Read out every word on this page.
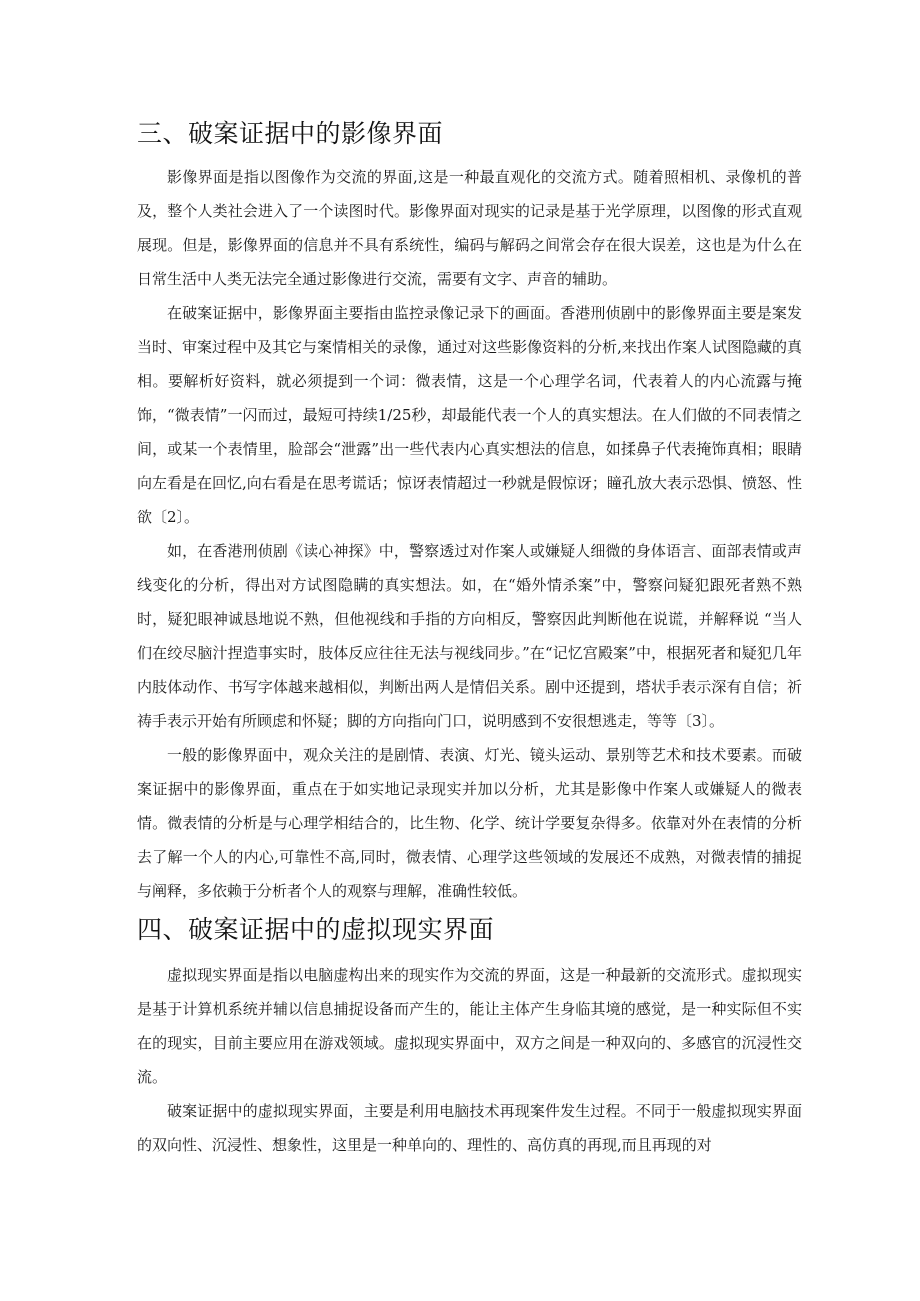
三、破案证据中的影像界面

影像界面是指以图像作为交流的界面,这是一种最直观化的交流方式。随着照相机、录像机的普及，整个人类社会进入了一个读图时代。影像界面对现实的记录是基于光学原理，以图像的形式直观展现。但是，影像界面的信息并不具有系统性，编码与解码之间常会存在很大误差，这也是为什么在日常生活中人类无法完全通过影像进行交流，需要有文字、声音的辅助。

在破案证据中，影像界面主要指由监控录像记录下的画面。香港刑侦剧中的影像界面主要是案发当时、审案过程中及其它与案情相关的录像，通过对这些影像资料的分析,来找出作案人试图隐藏的真相。要解析好资料，就必须提到一个词：微表情，这是一个心理学名词，代表着人的内心流露与掩饰，“微表情”一闪而过，最短可持续1/25秒，却最能代表一个人的真实想法。在人们做的不同表情之间，或某一个表情里，脸部会“泄露”出一些代表内心真实想法的信息，如揉鼻子代表掩饰真相；眼睛向左看是在回忆,向右看是在思考谎话；惊讶表情超过一秒就是假惊讶；瞳孔放大表示恐惧、愤怒、性欲〔2〕。

如，在香港刑侦剧《读心神探》中，警察透过对作案人或嫌疑人细微的身体语言、面部表情或声线变化的分析，得出对方试图隐瞒的真实想法。如，在“婚外情杀案”中，警察问疑犯跟死者熟不熟时，疑犯眼神诚恳地说不熟，但他视线和手指的方向相反，警察因此判断他在说谎，并解释说 “当人们在绞尽脑汁捏造事实时，肢体反应往往无法与视线同步。”在“记忆宫殿案”中，根据死者和疑犯几年内肢体动作、书写字体越来越相似，判断出两人是情侣关系。剧中还提到，塔状手表示深有自信；祈祷手表示开始有所顾虑和怀疑；脚的方向指向门口，说明感到不安很想逃走，等等〔3〕。

一般的影像界面中，观众关注的是剧情、表演、灯光、镜头运动、景别等艺术和技术要素。而破案证据中的影像界面，重点在于如实地记录现实并加以分析，尤其是影像中作案人或嫌疑人的微表情。微表情的分析是与心理学相结合的，比生物、化学、统计学要复杂得多。依靠对外在表情的分析去了解一个人的内心,可靠性不高,同时，微表情、心理学这些领域的发展还不成熟，对微表情的捕捉与阐释，多依赖于分析者个人的观察与理解，准确性较低。

四、破案证据中的虚拟现实界面

虚拟现实界面是指以电脑虚构出来的现实作为交流的界面，这是一种最新的交流形式。虚拟现实是基于计算机系统并辅以信息捕捉设备而产生的，能让主体产生身临其境的感觉，是一种实际但不实在的现实，目前主要应用在游戏领域。虚拟现实界面中，双方之间是一种双向的、多感官的沉浸性交流。

破案证据中的虚拟现实界面，主要是利用电脑技术再现案件发生过程。不同于一般虚拟现实界面的双向性、沉浸性、想象性，这里是一种单向的、理性的、高仿真的再现,而且再现的对
